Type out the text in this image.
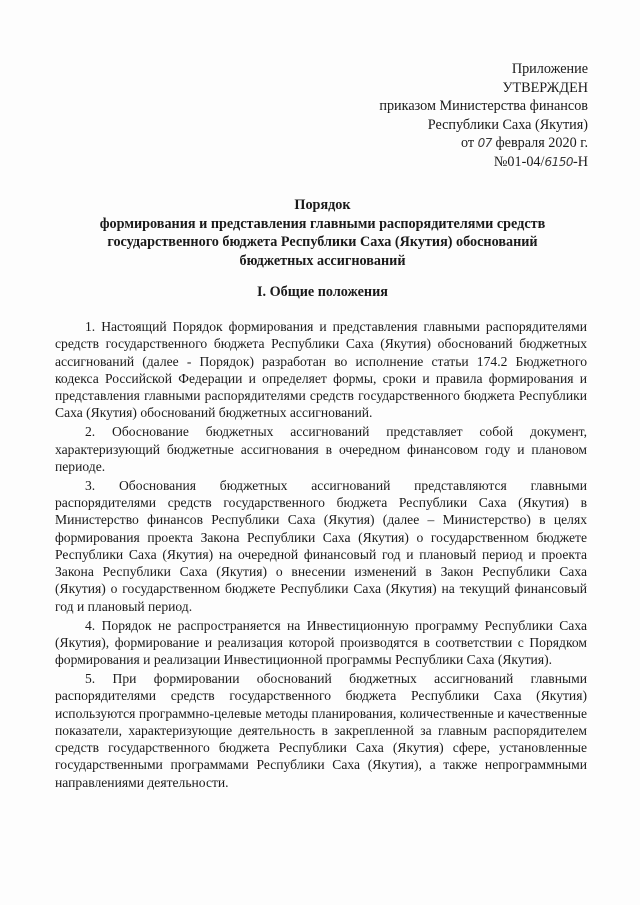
Приложение
УТВЕРЖДЕН
приказом Министерства финансов
Республики Саха (Якутия)
от 07 февраля 2020 г.
№01-04/6150-Н
Порядок
формирования и представления главными распорядителями средств
государственного бюджета Республики Саха (Якутия) обоснований
бюджетных ассигнований
I. Общие положения

1. Настоящий Порядок формирования и представления главными распорядителями средств государственного бюджета Республики Саха (Якутия) обоснований бюджетных ассигнований (далее - Порядок) разработан во исполнение статьи 174.2 Бюджетного кодекса Российской Федерации и определяет формы, сроки и правила формирования и представления главными распорядителями средств государственного бюджета Республики Саха (Якутия) обоснований бюджетных ассигнований.

2. Обоснование бюджетных ассигнований представляет собой документ, характеризующий бюджетные ассигнования в очередном финансовом году и плановом периоде.

3. Обоснования бюджетных ассигнований представляются главными распорядителями средств государственного бюджета Республики Саха (Якутия) в Министерство финансов Республики Саха (Якутия) (далее – Министерство) в целях формирования проекта Закона Республики Саха (Якутия) о государственном бюджете Республики Саха (Якутия) на очередной финансовый год и плановый период и проекта Закона Республики Саха (Якутия) о внесении изменений в Закон Республики Саха (Якутия) о государственном бюджете Республики Саха (Якутия) на текущий финансовый год и плановый период.

4. Порядок не распространяется на Инвестиционную программу Республики Саха (Якутия), формирование и реализация которой производятся в соответствии с Порядком формирования и реализации Инвестиционной программы Республики Саха (Якутия).

5. При формировании обоснований бюджетных ассигнований главными распорядителями средств государственного бюджета Республики Саха (Якутия) используются программно-целевые методы планирования, количественные и качественные показатели, характеризующие деятельность в закрепленной за главным распорядителем средств государственного бюджета Республики Саха (Якутия) сфере, установленные государственными программами Республики Саха (Якутия), а также непрограммными направлениями деятельности.
